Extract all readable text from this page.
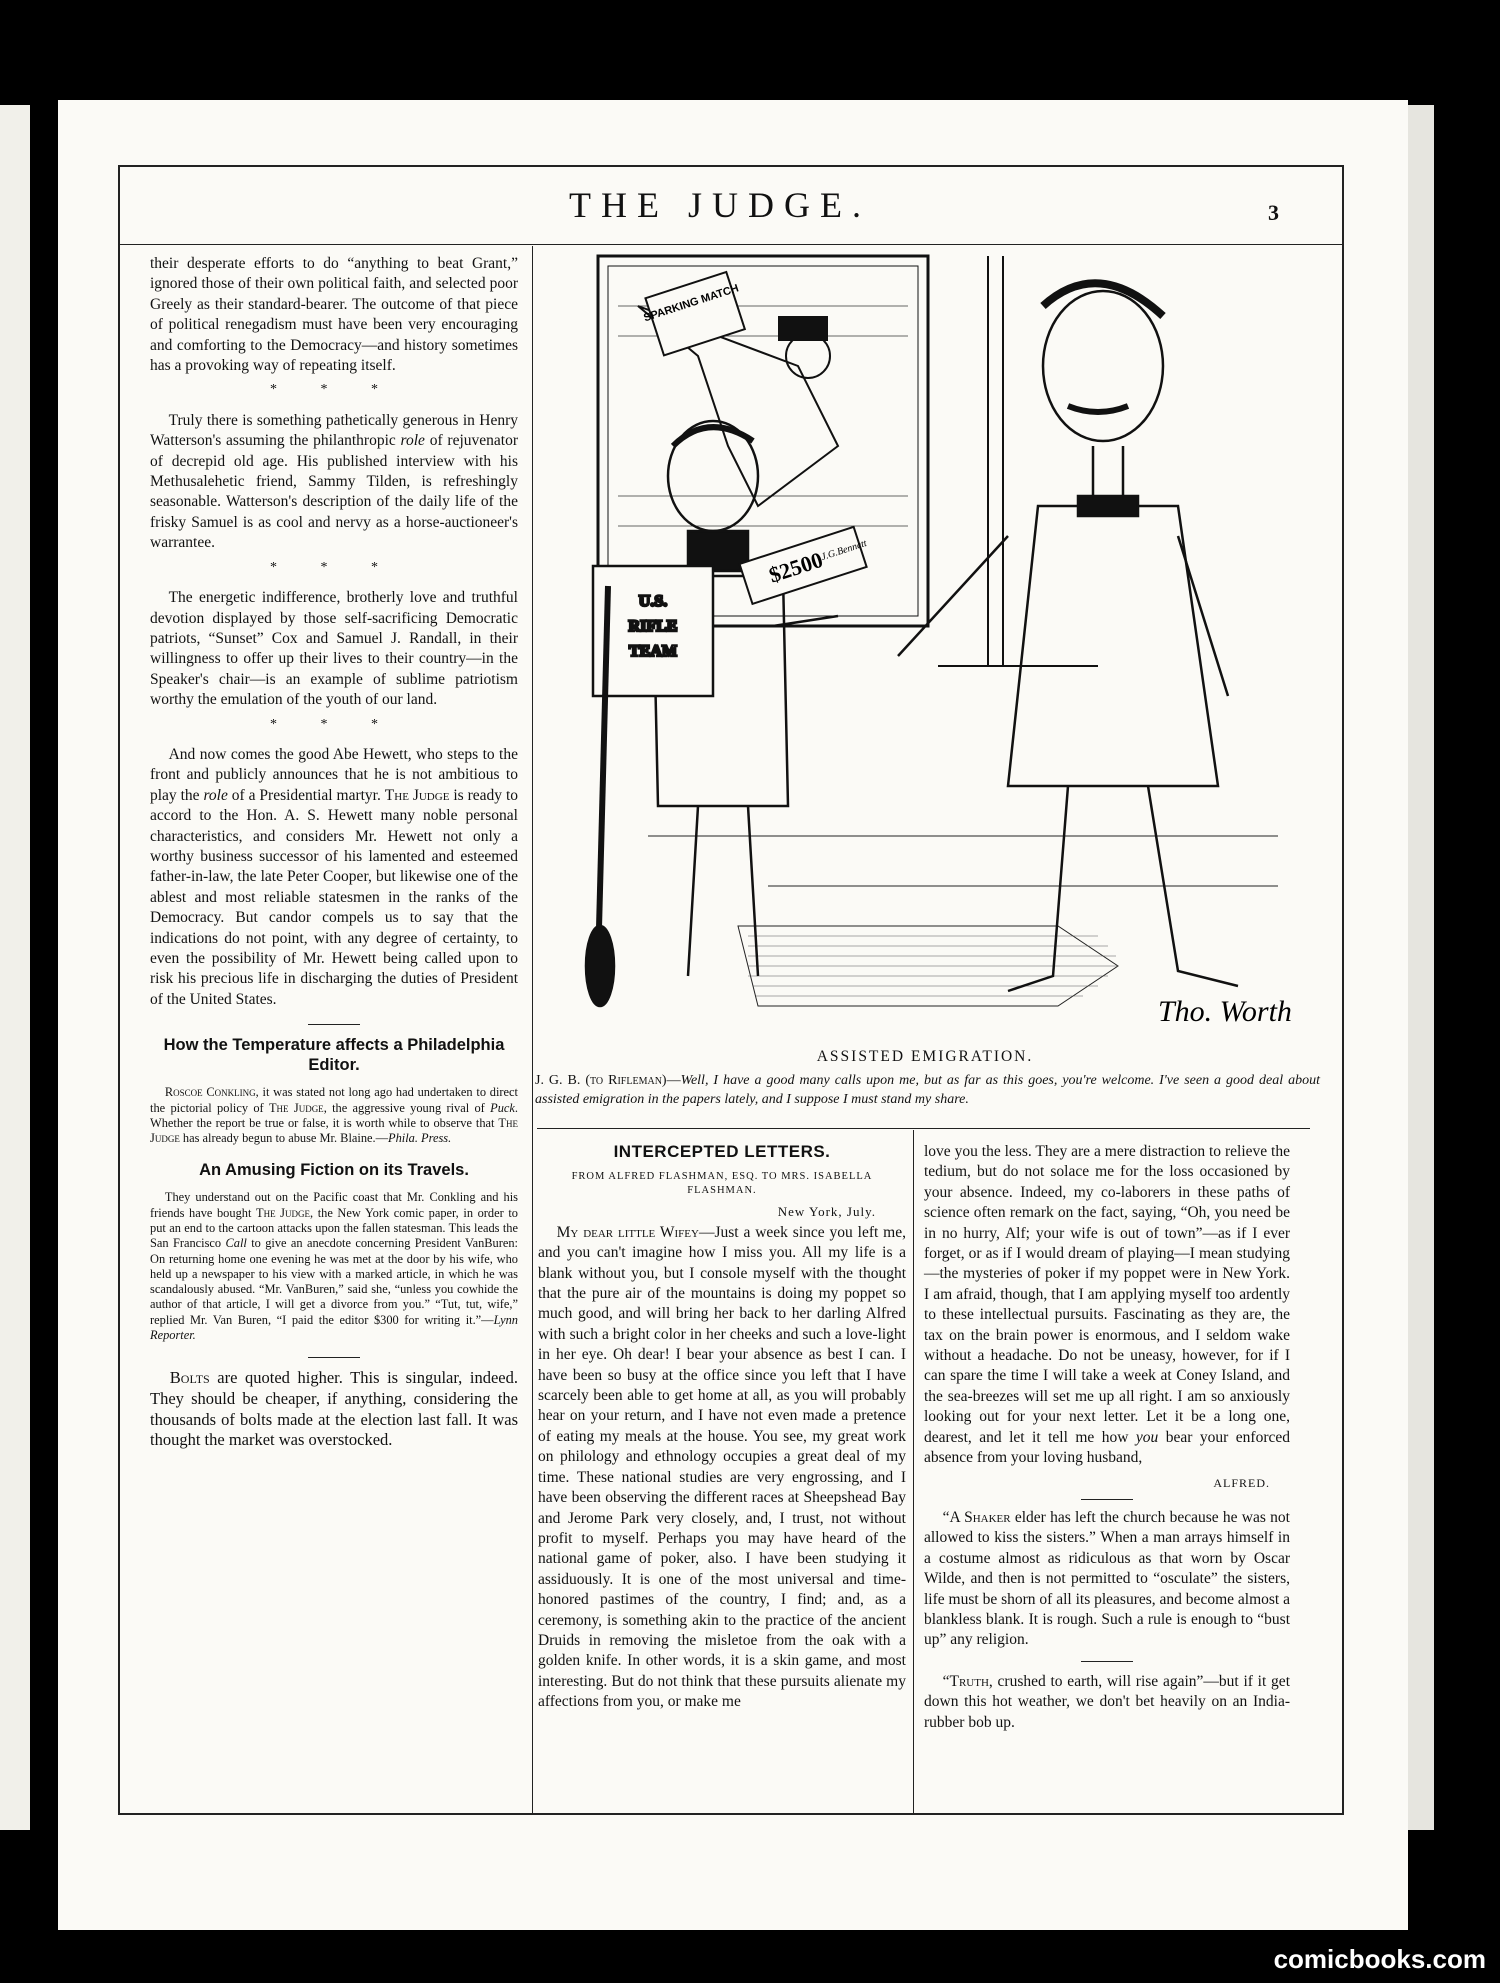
THE JUDGE.	3

their desperate efforts to do “anything to beat Grant,” ignored those of their own political faith, and selected poor Greely as their standard-bearer. The outcome of that piece of political renegadism must have been very encouraging and comforting to the Democracy—and history sometimes has a provoking way of repeating itself.

* * *

Truly there is something pathetically generous in Henry Watterson's assuming the philanthropic role of rejuvenator of decrepid old age. His published interview with his Methusalehetic friend, Sammy Tilden, is refreshingly seasonable. Watterson's description of the daily life of the frisky Samuel is as cool and nervy as a horse-auctioneer's warrantee.

* * *

The energetic indifference, brotherly love and truthful devotion displayed by those self-sacrificing Democratic patriots, “Sunset” Cox and Samuel J. Randall, in their willingness to offer up their lives to their country—in the Speaker's chair—is an example of sublime patriotism worthy the emulation of the youth of our land.

* * *

And now comes the good Abe Hewett, who steps to the front and publicly announces that he is not ambitious to play the role of a Presidential martyr. The Judge is ready to accord to the Hon. A. S. Hewett many noble personal characteristics, and considers Mr. Hewett not only a worthy business successor of his lamented and esteemed father-in-law, the late Peter Cooper, but likewise one of the ablest and most reliable statesmen in the ranks of the Democracy. But candor compels us to say that the indications do not point, with any degree of certainty, to even the possibility of Mr. Hewett being called upon to risk his precious life in discharging the duties of President of the United States.

How the Temperature affects a Philadelphia Editor.

Roscoe Conkling, it was stated not long ago had undertaken to direct the pictorial policy of The Judge, the aggressive young rival of Puck. Whether the report be true or false, it is worth while to observe that The Judge has already begun to abuse Mr. Blaine.—Phila. Press.

An Amusing Fiction on its Travels.

They understand out on the Pacific coast that Mr. Conkling and his friends have bought The Judge, the New York comic paper, in order to put an end to the cartoon attacks upon the fallen statesman. This leads the San Francisco Call to give an anecdote concerning President VanBuren: On returning home one evening he was met at the door by his wife, who held up a newspaper to his view with a marked article, in which he was scandalously abused. “Mr. VanBuren,” said she, “unless you cowhide the author of that article, I will get a divorce from you.” “Tut, tut, wife,” replied Mr. Van Buren, “I paid the editor $300 for writing it.”—Lynn Reporter.

Bolts are quoted higher. This is singular, indeed. They should be cheaper, if anything, considering the thousands of bolts made at the election last fall. It was thought the market was overstocked.

SPARKING MATCH
U.S.
RIFLE
TEAM
$2500
J.G.Bennett
Tho. Worth
ASSISTED EMIGRATION.
J. G. B. (to Rifleman)—Well, I have a good many calls upon me, but as far as this goes, you're welcome. I've seen a good deal about assisted emigration in the papers lately, and I suppose I must stand my share.
INTERCEPTED LETTERS.
FROM ALFRED FLASHMAN, ESQ. TO MRS. ISABELLA FLASHMAN.
New York, July.

My dear little Wifey—Just a week since you left me, and you can't imagine how I miss you. All my life is a blank without you, but I console myself with the thought that the pure air of the mountains is doing my poppet so much good, and will bring her back to her darling Alfred with such a bright color in her cheeks and such a love-light in her eye. Oh dear! I bear your absence as best I can. I have been so busy at the office since you left that I have scarcely been able to get home at all, as you will probably hear on your return, and I have not even made a pretence of eating my meals at the house. You see, my great work on philology and ethnology occupies a great deal of my time. These national studies are very engrossing, and I have been observing the different races at Sheepshead Bay and Jerome Park very closely, and, I trust, not without profit to myself. Perhaps you may have heard of the national game of poker, also. I have been studying it assiduously. It is one of the most universal and time-honored pastimes of the country, I find; and, as a ceremony, is something akin to the practice of the ancient Druids in removing the misletoe from the oak with a golden knife. In other words, it is a skin game, and most interesting. But do not think that these pursuits alienate my affections from you, or make me

love you the less. They are a mere distraction to relieve the tedium, but do not solace me for the loss occasioned by your absence. Indeed, my co-laborers in these paths of science often remark on the fact, saying, “Oh, you need be in no hurry, Alf; your wife is out of town”—as if I ever forget, or as if I would dream of playing—I mean studying—the mysteries of poker if my poppet were in New York. I am afraid, though, that I am applying myself too ardently to these intellectual pursuits. Fascinating as they are, the tax on the brain power is enormous, and I seldom wake without a headache. Do not be uneasy, however, for if I can spare the time I will take a week at Coney Island, and the sea-breezes will set me up all right. I am so anxiously looking out for your next letter. Let it be a long one, dearest, and let it tell me how you bear your enforced absence from your loving husband,

ALFRED.

“A Shaker elder has left the church because he was not allowed to kiss the sisters.” When a man arrays himself in a costume almost as ridiculous as that worn by Oscar Wilde, and then is not permitted to “osculate” the sisters, life must be shorn of all its pleasures, and become almost a blankless blank. It is rough. Such a rule is enough to “bust up” any religion.

“Truth, crushed to earth, will rise again”—but if it get down this hot weather, we don't bet heavily on an India-rubber bob up.

comicbooks.com
